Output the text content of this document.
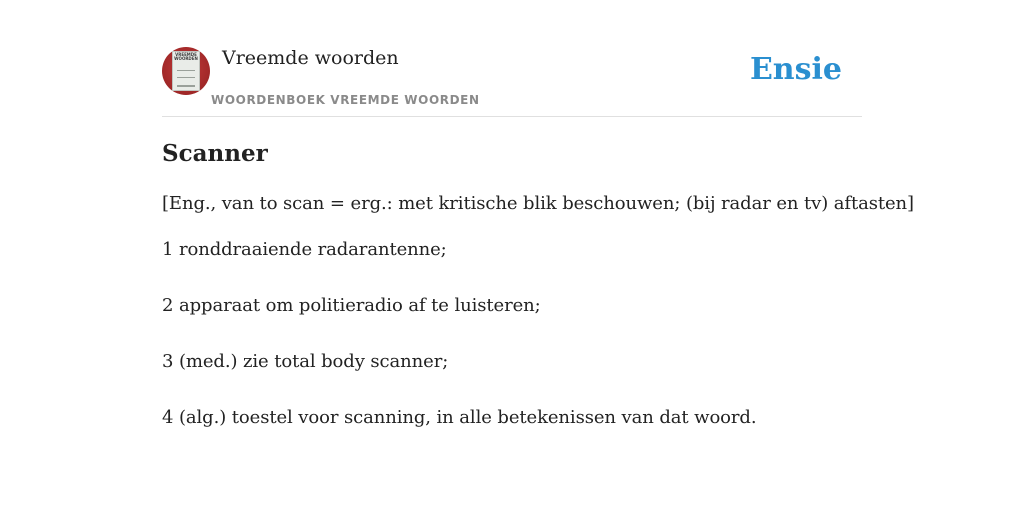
VREEMDE WOORDEN Vreemde woorden
WOORDENBOEK VREEMDE WOORDEN
Ensie
Scanner
[Eng., van to scan = erg.: met kritische blik beschouwen; (bij radar en tv) aftasten]
1 ronddraaiende radarantenne;
2 apparaat om politieradio af te luisteren;
3 (med.) zie total body scanner;
4 (alg.) toestel voor scanning, in alle betekenissen van dat woord.
